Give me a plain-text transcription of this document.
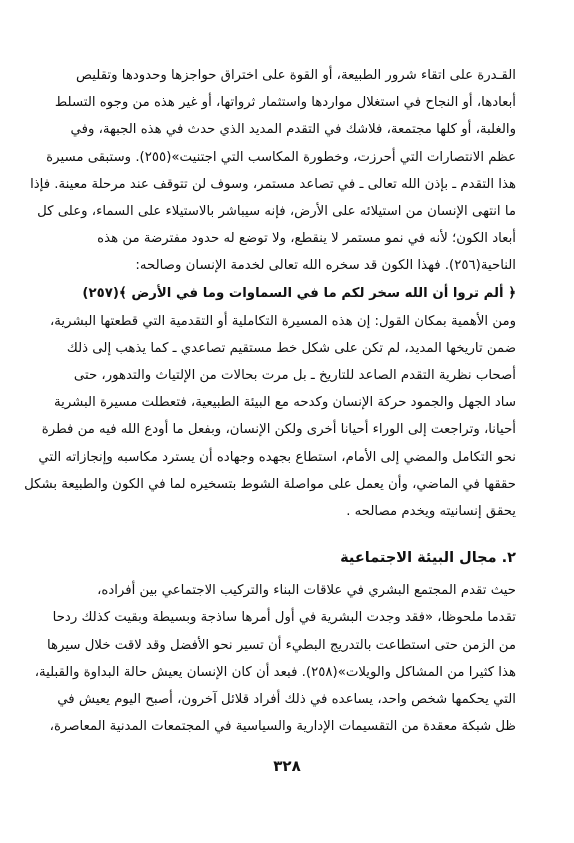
القـدرة على اتقاء شرور الطبيعة، أو القوة على اختراق حواجزها وحدودها وتقليص

أبعادها، أو النجاح في استغلال مواردها واستثمار ثرواتها، أو غير هذه من وجوه التسلط

والغلبة، أو كلها مجتمعة، فلاشك في التقدم المديد الذي حدث في هذه الجبهة، وفي

عظم الانتصارات التي أحرزت، وخطورة المكاسب التي اجتنيت»(٢٥٥). وستبقى مسيرة

هذا التقدم ـ بإذن الله تعالى ـ في تصاعد مستمر، وسوف لن تتوقف عند مرحلة معينة. فإذا

ما انتهى الإنسان من استيلائه على الأرض، فإنه سيباشر بالاستيلاء على السماء، وعلى كل

أبعاد الكون؛ لأنه في نمو مستمر لا ينقطع، ولا توضع له حدود مفترضة من هذه

الناحية(٢٥٦). فهذا الكون قد سخره الله تعالى لخدمة الإنسان وصالحه:

﴿ ألم تروا أن الله سخر لكم ما في السماوات وما في الأرض ﴾(٢٥٧)

ومن الأهمية بمكان القول: إن هذه المسيرة التكاملية أو التقدمية التي قطعتها البشرية،

ضمن تاريخها المديد، لم تكن على شكل خط مستقيم تصاعدي ـ كما يذهب إلى ذلك

أصحاب نظرية التقدم الصاعد للتاريخ ـ بل مرت بحالات من الإلتياث والتدهور، حتى

ساد الجهل والجمود حركة الإنسان وكدحه مع البيئة الطبيعية، فتعطلت مسيرة البشرية

أحيانا، وتراجعت إلى الوراء أحيانا أخرى ولكن الإنسان، وبفعل ما أودع الله فيه من فطرة

نحو التكامل والمضي إلى الأمام، استطاع بجهده وجهاده أن يسترد مكاسبه وإنجازاته التي

حققها في الماضي، وأن يعمل على مواصلة الشوط بتسخيره لما في الكون والطبيعة بشكل

يحقق إنسانيته ويخدم مصالحه .

٢. مجال البيئة الاجتماعية

حيث تقدم المجتمع البشري في علاقات البناء والتركيب الاجتماعي بين أفراده،

تقدما ملحوظا، «فقد وجدت البشرية في أول أمرها ساذجة وبسيطة وبقيت كذلك ردحا

من الزمن حتى استطاعت بالتدريج البطيء أن تسير نحو الأفضل وقد لاقت خلال سيرها

هذا كثيرا من المشاكل والويلات»(٢٥٨). فبعد أن كان الإنسان يعيش حالة البداوة والقبلية،

التي يحكمها شخص واحد، يساعده في ذلك أفراد قلائل آخرون، أصبح اليوم يعيش في

ظل شبكة معقدة من التقسيمات الإدارية والسياسية في المجتمعات المدنية المعاصرة،

٣٢٨
